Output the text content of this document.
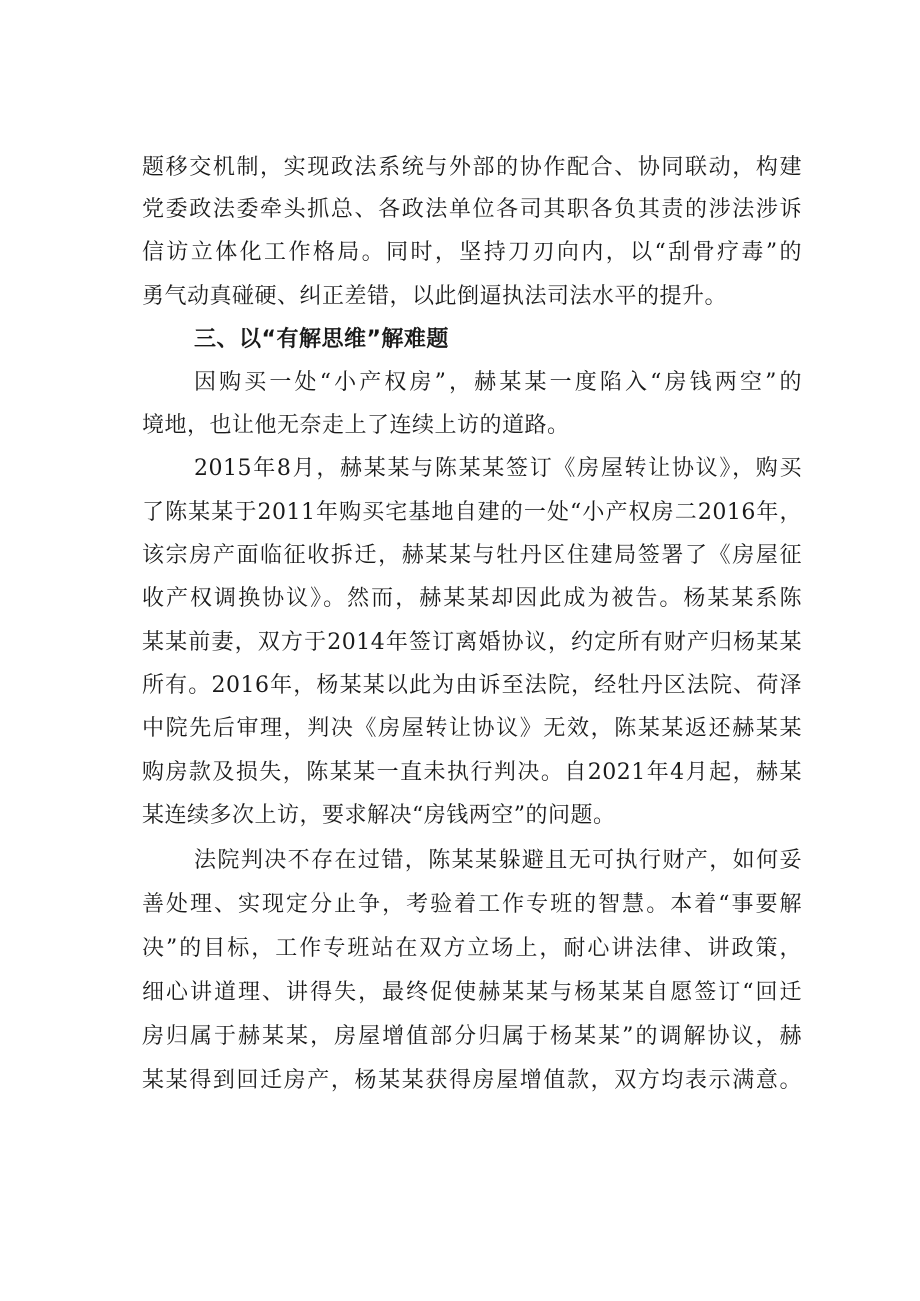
题移交机制，实现政法系统与外部的协作配合、协同联动，构建
党委政法委牵头抓总、各政法单位各司其职各负其责的涉法涉诉
信访立体化工作格局。同时，坚持刀刃向内，以“刮骨疗毒”的
勇气动真碰硬、纠正差错，以此倒逼执法司法水平的提升。
三、以“有解思维”解难题
因购买一处“小产权房”，赫某某一度陷入“房钱两空”的
境地，也让他无奈走上了连续上访的道路。
2015年8月，赫某某与陈某某签订《房屋转让协议》，购买
了陈某某于2011年购买宅基地自建的一处“小产权房二2016年，
该宗房产面临征收拆迁，赫某某与牡丹区住建局签署了《房屋征
收产权调换协议》。然而，赫某某却因此成为被告。杨某某系陈
某某前妻，双方于2014年签订离婚协议，约定所有财产归杨某某
所有。2016年，杨某某以此为由诉至法院，经牡丹区法院、荷泽
中院先后审理，判决《房屋转让协议》无效，陈某某返还赫某某
购房款及损失，陈某某一直未执行判决。自2021年4月起，赫某
某连续多次上访，要求解决“房钱两空”的问题。
法院判决不存在过错，陈某某躲避且无可执行财产，如何妥
善处理、实现定分止争，考验着工作专班的智慧。本着“事要解
决”的目标，工作专班站在双方立场上，耐心讲法律、讲政策，
细心讲道理、讲得失，最终促使赫某某与杨某某自愿签订“回迁
房归属于赫某某，房屋增值部分归属于杨某某”的调解协议，赫
某某得到回迁房产，杨某某获得房屋增值款，双方均表示满意。
